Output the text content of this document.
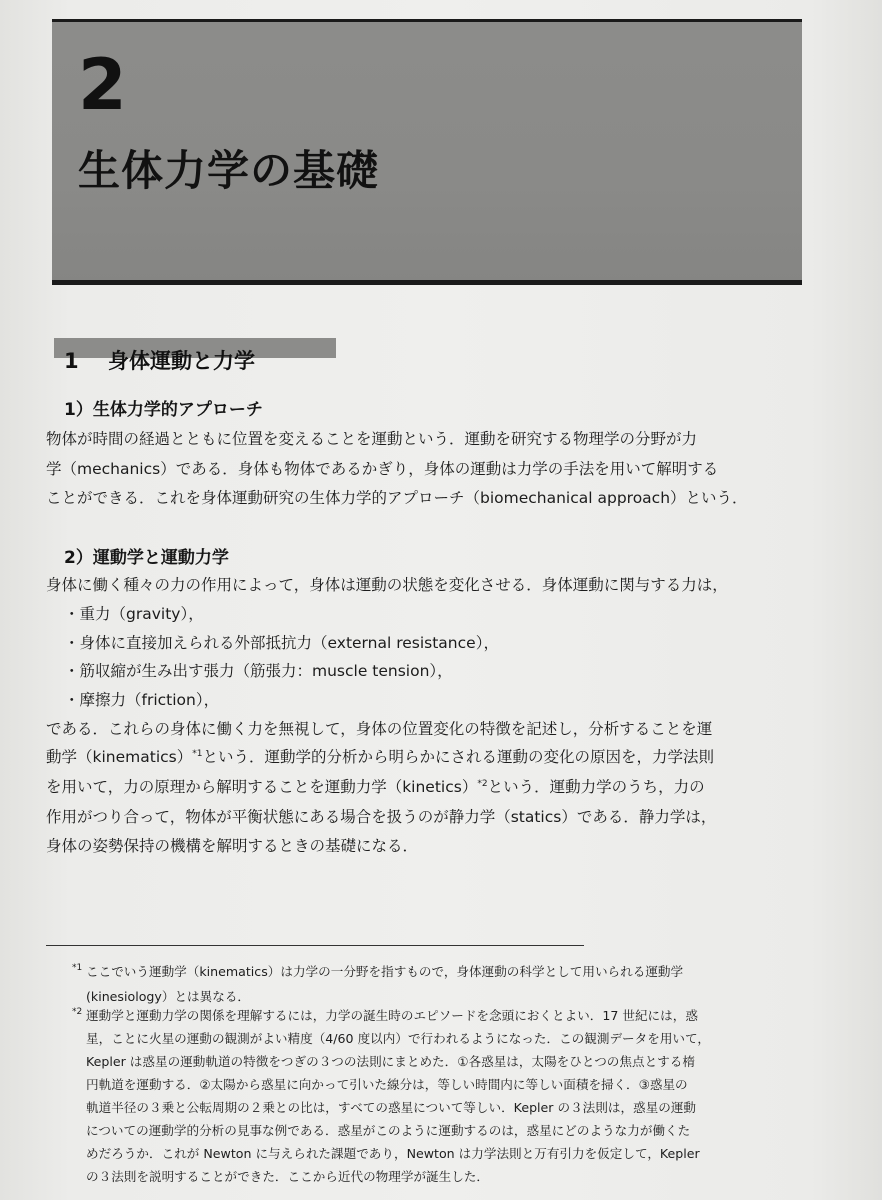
2
生体力学の基礎
1 身体運動と力学
1）生体力学的アプローチ
物体が時間の経過とともに位置を変えることを運動という．運動を研究する物理学の分野が力
学（mechanics）である．身体も物体であるかぎり，身体の運動は力学の手法を用いて解明する
ことができる．これを身体運動研究の生体力学的アプローチ（biomechanical approach）という．
2）運動学と運動力学
身体に働く種々の力の作用によって，身体は運動の状態を変化させる．身体運動に関与する力は，
・重力（gravity），
・身体に直接加えられる外部抵抗力（external resistance），
・筋収縮が生み出す張力（筋張力：muscle tension），
・摩擦力（friction），
である．これらの身体に働く力を無視して，身体の位置変化の特徴を記述し，分析することを運
動学（kinematics）$^{*1}$という．運動学的分析から明らかにされる運動の変化の原因を，力学法則
を用いて，力の原理から解明することを運動力学（kinetics）$^{*2}$という．運動力学のうち，力の
作用がつり合って，物体が平衡状態にある場合を扱うのが静力学（statics）である．静力学は，
身体の姿勢保持の機構を解明するときの基礎になる．
*1 ここでいう運動学（kinematics）は力学の一分野を指すもので，身体運動の科学として用いられる運動学
(kinesiology）とは異なる．
*2 運動学と運動力学の関係を理解するには，力学の誕生時のエピソードを念頭におくとよい．17 世紀には，惑
星，ことに火星の運動の観測がよい精度（4/60 度以内）で行われるようになった．この観測データを用いて，
Kepler は惑星の運動軌道の特徴をつぎの３つの法則にまとめた．①各惑星は，太陽をひとつの焦点とする楕
円軌道を運動する．②太陽から惑星に向かって引いた線分は，等しい時間内に等しい面積を掃く．③惑星の
軌道半径の３乗と公転周期の２乗との比は，すべての惑星について等しい．Kepler の３法則は，惑星の運動
についての運動学的分析の見事な例である．惑星がこのように運動するのは，惑星にどのような力が働くた
めだろうか．これが Newton に与えられた課題であり，Newton は力学法則と万有引力を仮定して，Kepler
の３法則を説明することができた．ここから近代の物理学が誕生した．
